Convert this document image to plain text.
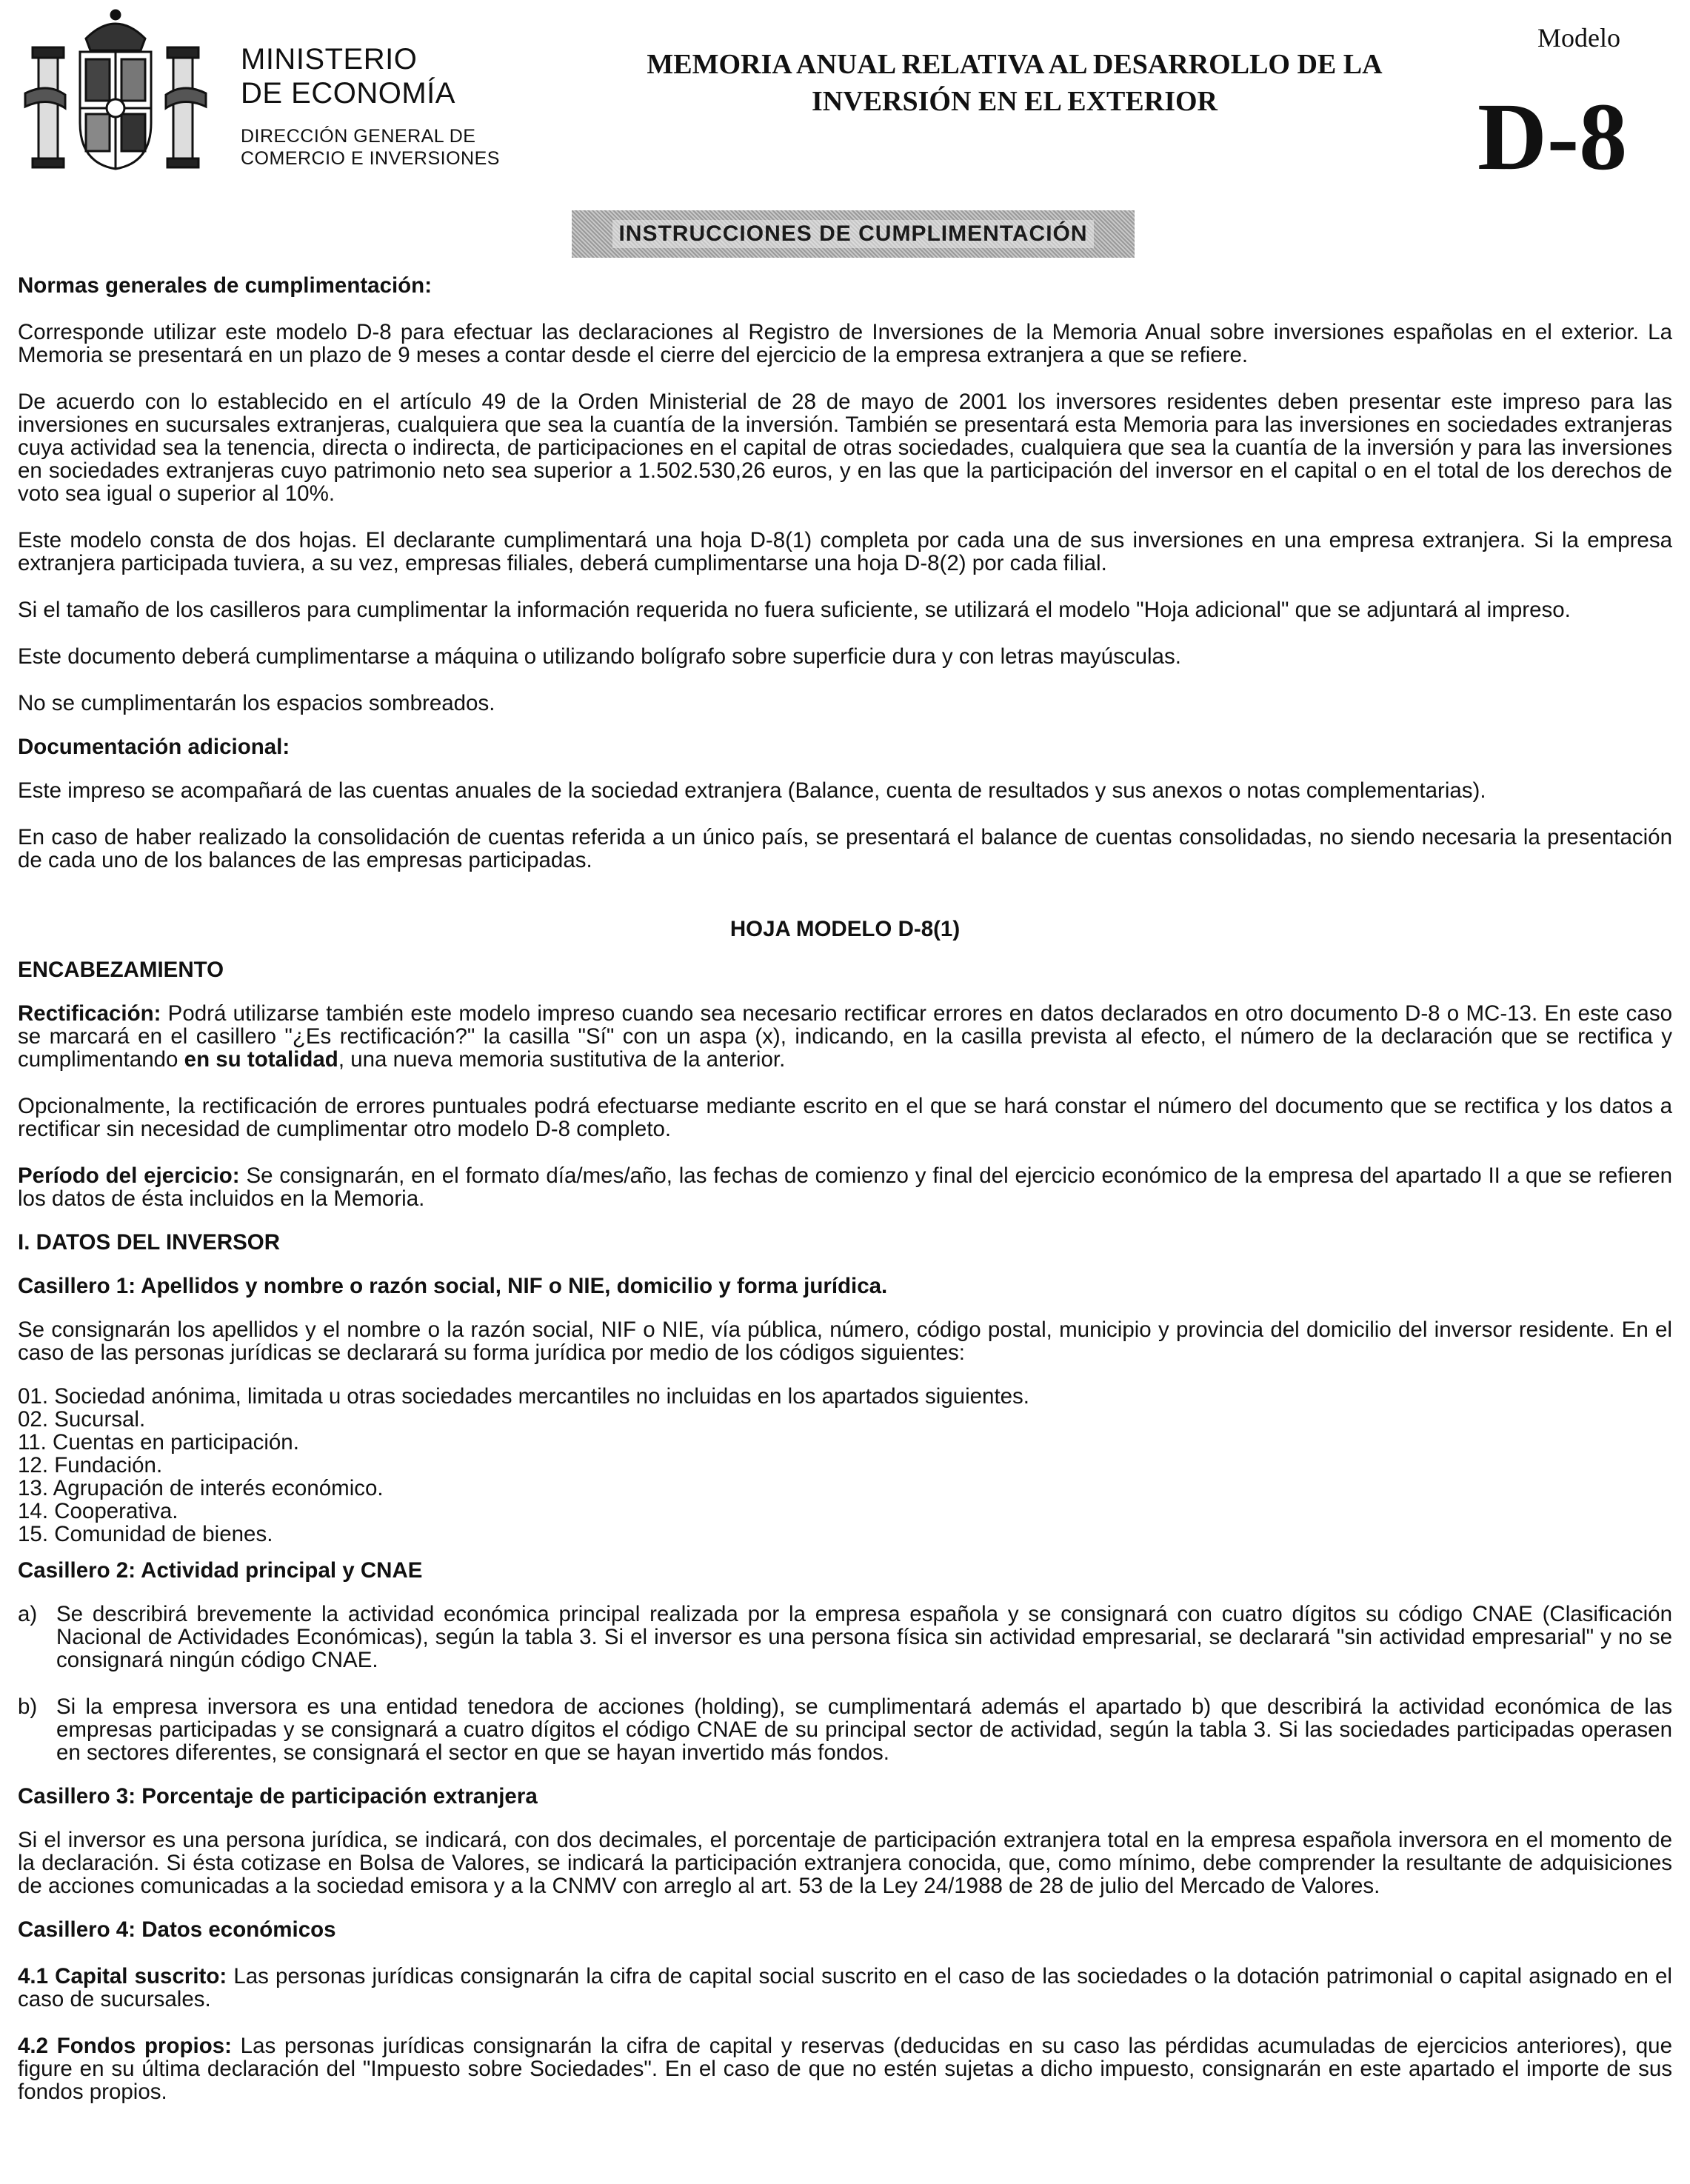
MINISTERIO
DE ECONOMÍA
DIRECCIÓN GENERAL DE
COMERCIO E INVERSIONES
MEMORIA ANUAL RELATIVA AL DESARROLLO DE LA
INVERSIÓN EN EL EXTERIOR
Modelo
D-8
INSTRUCCIONES DE CUMPLIMENTACIÓN

Normas generales de cumplimentación:

Corresponde utilizar este modelo D-8 para efectuar las declaraciones al Registro de Inversiones de la Memoria Anual sobre inversiones españolas en el exterior. La Memoria se presentará en un plazo de 9 meses a contar desde el cierre del ejercicio de la empresa extranjera a que se refiere.

De acuerdo con lo establecido en el artículo 49 de la Orden Ministerial de 28 de mayo de 2001 los inversores residentes deben presentar este impreso para las inversiones en sucursales extranjeras, cualquiera que sea la cuantía de la inversión. También se presentará esta Memoria para las inversiones en sociedades extranjeras cuya actividad sea la tenencia, directa o indirecta, de participaciones en el capital de otras sociedades, cualquiera que sea la cuantía de la inversión y para las inversiones en sociedades extranjeras cuyo patrimonio neto sea superior a 1.502.530,26 euros, y en las que la participación del inversor en el capital o en el total de los derechos de voto sea igual o superior al 10%.

Este modelo consta de dos hojas. El declarante cumplimentará una hoja D-8(1) completa por cada una de sus inversiones en una empresa extranjera. Si la empresa extranjera participada tuviera, a su vez, empresas filiales, deberá cumplimentarse una hoja D-8(2) por cada filial.

Si el tamaño de los casilleros para cumplimentar la información requerida no fuera suficiente, se utilizará el modelo "Hoja adicional" que se adjuntará al impreso.

Este documento deberá cumplimentarse a máquina o utilizando bolígrafo sobre superficie dura y con letras mayúsculas.

No se cumplimentarán los espacios sombreados.

Documentación adicional:

Este impreso se acompañará de las cuentas anuales de la sociedad extranjera (Balance, cuenta de resultados y sus anexos o notas complementarias).

En caso de haber realizado la consolidación de cuentas referida a un único país, se presentará el balance de cuentas consolidadas, no siendo necesaria la presentación de cada uno de los balances de las empresas participadas.

HOJA MODELO D-8(1)

ENCABEZAMIENTO

Rectificación: Podrá utilizarse también este modelo impreso cuando sea necesario rectificar errores en datos declarados en otro documento D-8 o MC-13. En este caso se marcará en el casillero "¿Es rectificación?" la casilla "Sí" con un aspa (x), indicando, en la casilla prevista al efecto, el número de la declaración que se rectifica y cumplimentando en su totalidad, una nueva memoria sustitutiva de la anterior.

Opcionalmente, la rectificación de errores puntuales podrá efectuarse mediante escrito en el que se hará constar el número del documento que se rectifica y los datos a rectificar sin necesidad de cumplimentar otro modelo D-8 completo.

Período del ejercicio: Se consignarán, en el formato día/mes/año, las fechas de comienzo y final del ejercicio económico de la empresa del apartado II a que se refieren los datos de ésta incluidos en la Memoria.

I. DATOS DEL INVERSOR

Casillero 1: Apellidos y nombre o razón social, NIF o NIE, domicilio y forma jurídica.

Se consignarán los apellidos y el nombre o la razón social, NIF o NIE, vía pública, número, código postal, municipio y provincia del domicilio del inversor residente. En el caso de las personas jurídicas se declarará su forma jurídica por medio de los códigos siguientes:

01. Sociedad anónima, limitada u otras sociedades mercantiles no incluidas en los apartados siguientes.
02. Sucursal.
11. Cuentas en participación.
12. Fundación.
13. Agrupación de interés económico.
14. Cooperativa.
15. Comunidad de bienes.

Casillero 2: Actividad principal y CNAE

a) Se describirá brevemente la actividad económica principal realizada por la empresa española y se consignará con cuatro dígitos su código CNAE (Clasificación Nacional de Actividades Económicas), según la tabla 3. Si el inversor es una persona física sin actividad empresarial, se declarará "sin actividad empresarial" y no se consignará ningún código CNAE.
b) Si la empresa inversora es una entidad tenedora de acciones (holding), se cumplimentará además el apartado b) que describirá la actividad económica de las empresas participadas y se consignará a cuatro dígitos el código CNAE de su principal sector de actividad, según la tabla 3. Si las sociedades participadas operasen en sectores diferentes, se consignará el sector en que se hayan invertido más fondos.

Casillero 3: Porcentaje de participación extranjera

Si el inversor es una persona jurídica, se indicará, con dos decimales, el porcentaje de participación extranjera total en la empresa española inversora en el momento de la declaración. Si ésta cotizase en Bolsa de Valores, se indicará la participación extranjera conocida, que, como mínimo, debe comprender la resultante de adquisiciones de acciones comunicadas a la sociedad emisora y a la CNMV con arreglo al art. 53 de la Ley 24/1988 de 28 de julio del Mercado de Valores.

Casillero 4: Datos económicos

4.1 Capital suscrito: Las personas jurídicas consignarán la cifra de capital social suscrito en el caso de las sociedades o la dotación patrimonial o capital asignado en el caso de sucursales.

4.2 Fondos propios: Las personas jurídicas consignarán la cifra de capital y reservas (deducidas en su caso las pérdidas acumuladas de ejercicios anteriores), que figure en su última declaración del "Impuesto sobre Sociedades". En el caso de que no estén sujetas a dicho impuesto, consignarán en este apartado el importe de sus fondos propios.
